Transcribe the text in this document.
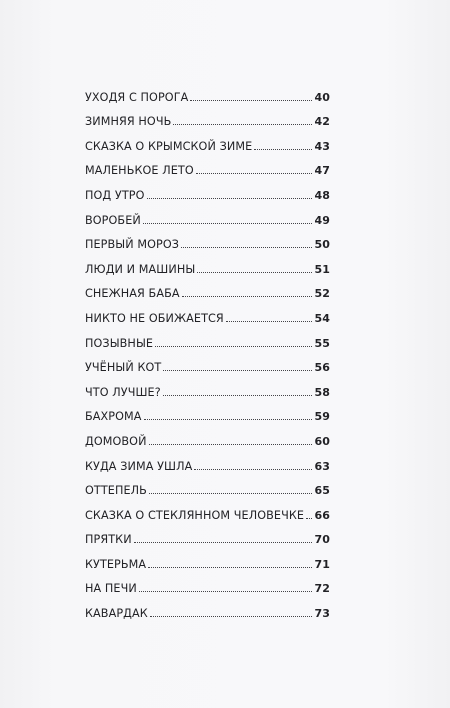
УХОДЯ С ПОРОГА	40
ЗИМНЯЯ НОЧЬ	42
СКАЗКА О КРЫМСКОЙ ЗИМЕ	43
МАЛЕНЬКОЕ ЛЕТО	47
ПОД УТРО	48
ВОРОБЕЙ	49
ПЕРВЫЙ МОРОЗ	50
ЛЮДИ И МАШИНЫ	51
СНЕЖНАЯ БАБА	52
НИКТО НЕ ОБИЖАЕТСЯ	54
ПОЗЫВНЫЕ	55
УЧЁНЫЙ КОТ	56
ЧТО ЛУЧШЕ?	58
БАХРОМА	59
ДОМОВОЙ	60
КУДА ЗИМА УШЛА	63
ОТТЕПЕЛЬ	65
СКАЗКА О СТЕКЛЯННОМ ЧЕЛОВЕЧКЕ 66
ПРЯТКИ	70
КУТЕРЬМА	71
НА ПЕЧИ	72
КАВАРДАК	73
